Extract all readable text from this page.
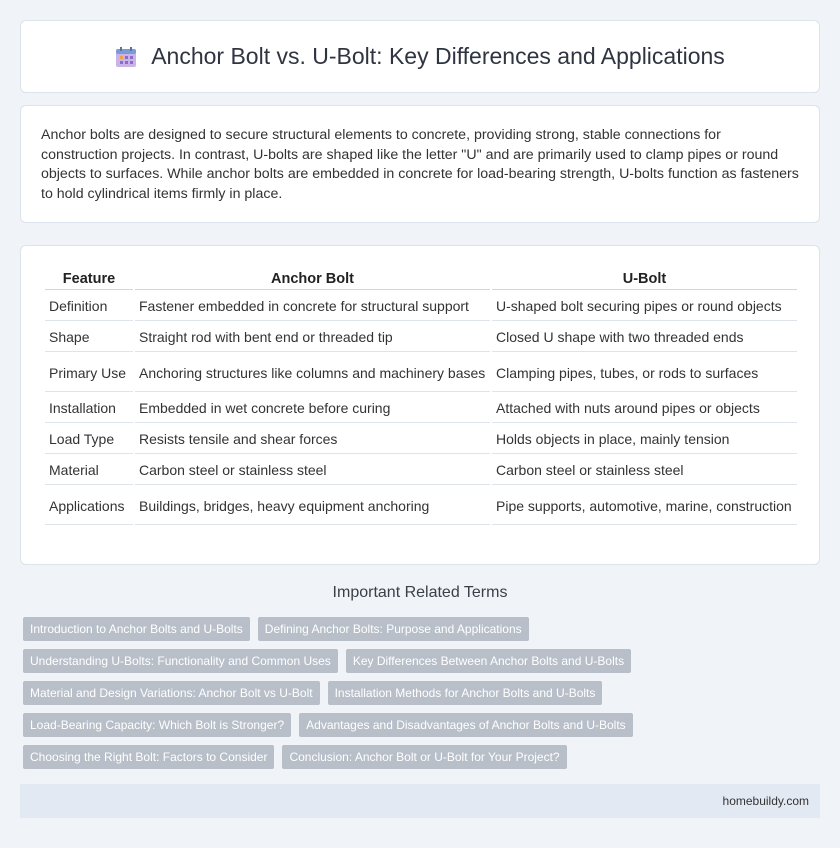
Anchor Bolt vs. U-Bolt: Key Differences and Applications

Anchor bolts are designed to secure structural elements to concrete, providing strong, stable connections for construction projects. In contrast, U-bolts are shaped like the letter "U" and are primarily used to clamp pipes or round objects to surfaces. While anchor bolts are embedded in concrete for load-bearing strength, U-bolts function as fasteners to hold cylindrical items firmly in place.

Feature	Anchor Bolt	U-Bolt
Definition	Fastener embedded in concrete for structural support	U-shaped bolt securing pipes or round objects
Shape	Straight rod with bent end or threaded tip	Closed U shape with two threaded ends
Primary Use	Anchoring structures like columns and machinery bases	Clamping pipes, tubes, or rods to surfaces
Installation	Embedded in wet concrete before curing	Attached with nuts around pipes or objects
Load Type	Resists tensile and shear forces	Holds objects in place, mainly tension
Material	Carbon steel or stainless steel	Carbon steel or stainless steel
Applications	Buildings, bridges, heavy equipment anchoring	Pipe supports, automotive, marine, construction
Important Related Terms
Introduction to Anchor Bolts and U-Bolts	Defining Anchor Bolts: Purpose and Applications
Understanding U-Bolts: Functionality and Common Uses	Key Differences Between Anchor Bolts and U-Bolts
Material and Design Variations: Anchor Bolt vs U-Bolt	Installation Methods for Anchor Bolts and U-Bolts
Load-Bearing Capacity: Which Bolt is Stronger?	Advantages and Disadvantages of Anchor Bolts and U-Bolts
Choosing the Right Bolt: Factors to Consider	Conclusion: Anchor Bolt or U-Bolt for Your Project?
homebuildy.com
